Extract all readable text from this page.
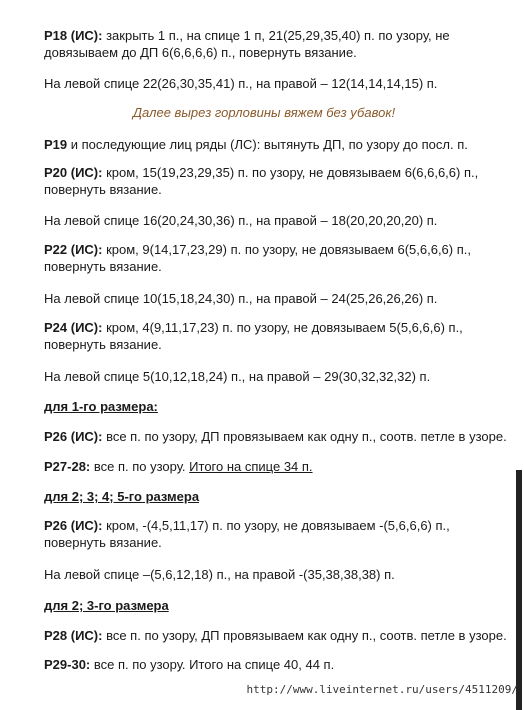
Р18 (ИС): закрыть 1 п., на спице 1 п, 21(25,29,35,40) п. по узору, не довязываем до ДП 6(6,6,6,6) п., повернуть вязание.
На левой спице 22(26,30,35,41) п., на правой – 12(14,14,14,15) п.
Далее вырез горловины вяжем без убавок!
Р19 и последующие лиц ряды (ЛС): вытянуть ДП, по узору до посл. п.
Р20 (ИС): кром, 15(19,23,29,35) п. по узору, не довязываем 6(6,6,6,6) п., повернуть вязание.
На левой спице 16(20,24,30,36) п., на правой – 18(20,20,20,20) п.
Р22 (ИС): кром, 9(14,17,23,29) п. по узору, не довязываем 6(5,6,6,6) п., повернуть вязание.
На левой спице 10(15,18,24,30) п., на правой – 24(25,26,26,26) п.
Р24 (ИС): кром, 4(9,11,17,23) п. по узору, не довязываем 5(5,6,6,6) п., повернуть вязание.
На левой спице 5(10,12,18,24) п., на правой – 29(30,32,32,32) п.
для 1-го размера:
Р26 (ИС): все п. по узору, ДП провязываем как одну п., соотв. петле в узоре.
Р27-28: все п. по узору. Итого на спице 34 п.
для 2; 3; 4; 5-го размера
Р26 (ИС): кром, -(4,5,11,17) п. по узору, не довязываем -(5,6,6,6) п., повернуть вязание.
На левой спице –(5,6,12,18) п., на правой -(35,38,38,38) п.
для 2; 3-го размера
Р28 (ИС): все п. по узору, ДП провязываем как одну п., соотв. петле в узоре.
Р29-30: все п. по узору. Итого на спице 40, 44 п.
http://www.liveinternet.ru/users/4511209/
